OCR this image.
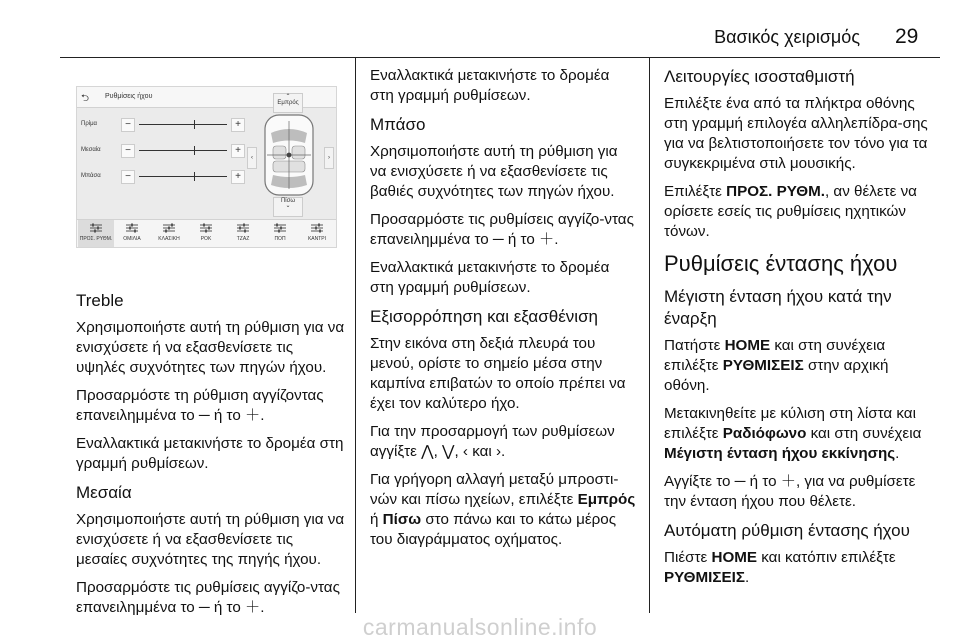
Βασικός χειρισμός 29
⮌ Ρυθμίσεις ήχου
Πρίμα	−	+
Μεσαία	−	+
Μπάσα	−	+
⌃
Εμπρός
‹	›
Πίσω
⌄
ΠΡΟΣ. ΡΥΘΜ.	ΟΜΙΛΙΑ	ΚΛΑΣΙΚΗ	ΡΟΚ	ΤΖΑΖ	ΠΟΠ	ΚΑΝΤΡΙ
Treble

Χρησιμοποιήστε αυτή τη ρύθμιση για να ενισχύσετε ή να εξασθενίσετε τις υψηλές συχνότητες των πηγών ήχου.

Προσαρμόστε τη ρύθμιση αγγίζοντας επανειλημμένα το ─ ή το ＋.

Εναλλακτικά μετακινήστε το δρομέα στη γραμμή ρυθμίσεων.

Μεσαία

Χρησιμοποιήστε αυτή τη ρύθμιση για να ενισχύσετε ή να εξασθενίσετε τις μεσαίες συχνότητες της πηγής ήχου.

Προσαρμόστε τις ρυθμίσεις αγγίζο-ντας επανειλημμένα το ─ ή το ＋.

Εναλλακτικά μετακινήστε το δρομέα στη γραμμή ρυθμίσεων.

Μπάσο

Χρησιμοποιήστε αυτή τη ρύθμιση για να ενισχύσετε ή να εξασθενίσετε τις βαθιές συχνότητες των πηγών ήχου.

Προσαρμόστε τις ρυθμίσεις αγγίζο-ντας επανειλημμένα το ─ ή το ＋.

Εναλλακτικά μετακινήστε το δρομέα στη γραμμή ρυθμίσεων.

Εξισορρόπηση και εξασθένιση

Στην εικόνα στη δεξιά πλευρά του μενού, ορίστε το σημείο μέσα στην καμπίνα επιβατών το οποίο πρέπει να έχει τον καλύτερο ήχο.

Για την προσαρμογή των ρυθμίσεων αγγίξτε ⋀, ⋁, ‹ και ›.

Για γρήγορη αλλαγή μεταξύ μπροστι-νών και πίσω ηχείων, επιλέξτε Εμπρός ή Πίσω στο πάνω και το κάτω μέρος του διαγράμματος οχήματος.

Λειτουργίες ισοσταθμιστή

Επιλέξτε ένα από τα πλήκτρα οθόνης στη γραμμή επιλογέα αλληλεπίδρα-σης για να βελτιστοποιήσετε τον τόνο για τα συγκεκριμένα στιλ μουσικής.

Επιλέξτε ΠΡΟΣ. ΡΥΘΜ., αν θέλετε να ορίσετε εσείς τις ρυθμίσεις ηχητικών τόνων.

Ρυθμίσεις έντασης ήχου
Μέγιστη ένταση ήχου κατά την έναρξη

Πατήστε HOME και στη συνέχεια επιλέξτε ΡΥΘΜΙΣΕΙΣ στην αρχική οθόνη.

Μετακινηθείτε με κύλιση στη λίστα και επιλέξτε Ραδιόφωνο και στη συνέχεια Μέγιστη ένταση ήχου εκκίνησης.

Αγγίξτε το ─ ή το ＋, για να ρυθμίσετε την ένταση ήχου που θέλετε.

Αυτόματη ρύθμιση έντασης ήχου

Πιέστε HOME και κατόπιν επιλέξτε ΡΥΘΜΙΣΕΙΣ.

carmanualsonline.info
